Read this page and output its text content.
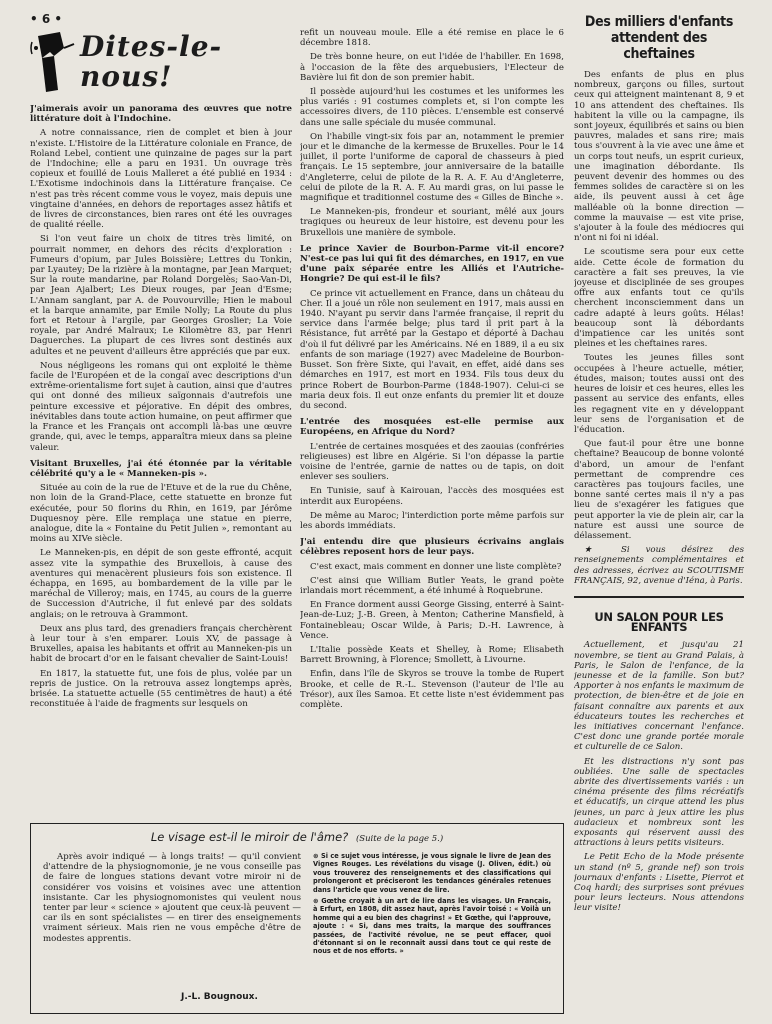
• 6 •
Dites-le-nous!

J'aimerais avoir un panorama des œuvres que notre littérature doit à l'Indochine.

A notre connaissance, rien de complet et bien à jour n'existe. L'Histoire de la Littérature coloniale en France, de Roland Lebel, contient une quinzaine de pages sur la part de l'Indochine; elle a paru en 1931. Un ouvrage très copieux et fouillé de Louis Malleret a été publié en 1934 : L'Exotisme indochinois dans la Littérature française. Ce n'est pas très récent comme vous le voyez, mais depuis une vingtaine d'années, en dehors de reportages assez hâtifs et de livres de circonstances, bien rares ont été les ouvrages de qualité réelle.

Si l'on veut faire un choix de titres très limité, on pourrait nommer, en dehors des récits d'exploration : Fumeurs d'opium, par Jules Boissière; Lettres du Tonkin, par Lyautey; De la rizière à la montagne, par Jean Marquet; Sur la route mandarine, par Roland Dorgelès; Sao-Van-Di, par Jean Ajalbert; Les Dieux rouges, par Jean d'Esme; L'Annam sanglant, par A. de Pouvourville; Hien le maboul et la barque annamite, par Emile Nolly; La Route du plus fort et Retour à l'argile, par Georges Groslier; La Voie royale, par André Malraux; Le Kilomètre 83, par Henri Daguerches. La plupart de ces livres sont destinés aux adultes et ne peuvent d'ailleurs être appréciés que par eux.

Nous négligeons les romans qui ont exploité le thème facile de l'Européen et de la congaï avec descriptions d'un extrême-orientalisme fort sujet à caution, ainsi que d'autres qui ont donné des milieux saïgonnais d'autrefois une peinture excessive et péjorative. En dépit des ombres, inévitables dans toute action humaine, on peut affirmer que la France et les Français ont accompli là-bas une œuvre grande, qui, avec le temps, apparaîtra mieux dans sa pleine valeur.

Visitant Bruxelles, j'ai été étonnée par la véritable célébrité qu'y a le « Manneken-pis ».

Située au coin de la rue de l'Etuve et de la rue du Chêne, non loin de la Grand-Place, cette statuette en bronze fut exécutée, pour 50 florins du Rhin, en 1619, par Jérôme Duquesnoy père. Elle remplaça une statue en pierre, analogue, dite la « Fontaine du Petit Julien », remontant au moins au XIVe siècle.

Le Manneken-pis, en dépit de son geste effronté, acquit assez vite la sympathie des Bruxellois, à cause des aventures qui menacèrent plusieurs fois son existence. Il échappa, en 1695, au bombardement de la ville par le maréchal de Villeroy; mais, en 1745, au cours de la guerre de Succession d'Autriche, il fut enlevé par des soldats anglais; on le retrouva à Grammont.

Deux ans plus tard, des grenadiers français cherchèrent à leur tour à s'en emparer. Louis XV, de passage à Bruxelles, apaisa les habitants et offrit au Manneken-pis un habit de brocart d'or en le faisant chevalier de Saint-Louis!

En 1817, la statuette fut, une fois de plus, volée par un repris de justice. On la retrouva assez longtemps après, brisée. La statuette actuelle (55 centimètres de haut) a été reconstituée à l'aide de fragments sur lesquels on

refit un nouveau moule. Elle a été remise en place le 6 décembre 1818.

De très bonne heure, on eut l'idée de l'habiller. En 1698, à l'occasion de la fête des arquebusiers, l'Electeur de Bavière lui fit don de son premier habit.

Il possède aujourd'hui les costumes et les uniformes les plus variés : 91 costumes complets et, si l'on compte les accessoires divers, de 110 pièces. L'ensemble est conservé dans une salle spéciale du musée communal.

On l'habille vingt-six fois par an, notamment le premier jour et le dimanche de la kermesse de Bruxelles. Pour le 14 juillet, il porte l'uniforme de caporal de chasseurs à pied français. Le 15 septembre, jour anniversaire de la bataille d'Angleterre, celui de pilote de la R. A. F. Au d'Angleterre, celui de pilote de la R. A. F. Au mardi gras, on lui passe le magnifique et traditionnel costume des « Gilles de Binche ».

Le Manneken-pis, frondeur et souriant, mêlé aux jours tragiques ou heureux de leur histoire, est devenu pour les Bruxellois une manière de symbole.

Le prince Xavier de Bourbon-Parme vit-il encore? N'est-ce pas lui qui fit des démarches, en 1917, en vue d'une paix séparée entre les Alliés et l'Autriche-Hongrie? De qui est-il le fils?

Ce prince vit actuellement en France, dans un château du Cher. Il a joué un rôle non seulement en 1917, mais aussi en 1940. N'ayant pu servir dans l'armée française, il reprit du service dans l'armée belge; plus tard il prit part à la Résistance, fut arrêté par la Gestapo et déporté à Dachau d'où il fut délivré par les Américains. Né en 1889, il a eu six enfants de son mariage (1927) avec Madeleine de Bourbon-Busset. Son frère Sixte, qui l'avait, en effet, aidé dans ses démarches en 1917, est mort en 1934. Fils tous deux du prince Robert de Bourbon-Parme (1848-1907). Celui-ci se maria deux fois. Il eut onze enfants du premier lit et douze du second.

L'entrée des mosquées est-elle permise aux Européens, en Afrique du Nord?

L'entrée de certaines mosquées et des zaouias (confréries religieuses) est libre en Algérie. Si l'on dépasse la partie voisine de l'entrée, garnie de nattes ou de tapis, on doit enlever ses souliers.

En Tunisie, sauf à Kairouan, l'accès des mosquées est interdit aux Européens.

De même au Maroc; l'interdiction porte même parfois sur les abords immédiats.

J'ai entendu dire que plusieurs écrivains anglais célèbres reposent hors de leur pays.

C'est exact, mais comment en donner une liste complète?

C'est ainsi que William Butler Yeats, le grand poète irlandais mort récemment, a été inhumé à Roquebrune.

En France dorment aussi George Gissing, enterré à Saint-Jean-de-Luz; J.-B. Green, à Menton; Catherine Mansfield, à Fontainebleau; Oscar Wilde, à Paris; D.-H. Lawrence, à Vence.

L'Italie possède Keats et Shelley, à Rome; Elisabeth Barrett Browning, à Florence; Smollett, à Livourne.

Enfin, dans l'île de Skyros se trouve la tombe de Rupert Brooke, et celle de R.-L. Stevenson (l'auteur de l'Ile au Trésor), aux îles Samoa. Et cette liste n'est évidemment pas complète.

Des milliers d'enfants attendent des cheftaines

Des enfants de plus en plus nombreux, garçons ou filles, surtout ceux qui atteignent maintenant 8, 9 et 10 ans attendent des cheftaines. Ils habitent la ville ou la campagne, ils sont joyeux, équilibrés et sains ou bien pauvres, malades et sans rire; mais tous s'ouvrent à la vie avec une âme et un corps tout neufs, un esprit curieux, une imagination débordante. Ils peuvent devenir des hommes ou des femmes solides de caractère si on les aide, ils peuvent aussi à cet âge malléable où la bonne direction — comme la mauvaise — est vite prise, s'ajouter à la foule des médiocres qui n'ont ni foi ni idéal.

Le scoutisme sera pour eux cette aide. Cette école de formation du caractère a fait ses preuves, la vie joyeuse et disciplinée de ses groupes offre aux enfants tout ce qu'ils cherchent inconsciemment dans un cadre adapté à leurs goûts. Hélas! beaucoup sont là débordants d'impatience car les unités sont pleines et les cheftaines rares.

Toutes les jeunes filles sont occupées à l'heure actuelle, métier, études, maison; toutes aussi ont des heures de loisir et ces heures, elles les passent au service des enfants, elles les regagnent vite en y développant leur sens de l'organisation et de l'éducation.

Que faut-il pour être une bonne cheftaine? Beaucoup de bonne volonté d'abord, un amour de l'enfant permettant de comprendre ces caractères pas toujours faciles, une bonne santé certes mais il n'y a pas lieu de s'exagérer les fatigues que peut apporter la vie de plein air, car la nature est aussi une source de délassement.

★ Si vous désirez des renseignements complémentaires et des adresses, écrivez au SCOUTISME FRANÇAIS, 92, avenue d'Iéna, à Paris.

UN SALON POUR LES ENFANTS

Actuellement, et jusqu'au 21 novembre, se tient au Grand Palais, à Paris, le Salon de l'enfance, de la jeunesse et de la famille. Son but? Apporter à nos enfants le maximum de protection, de bien-être et de joie en faisant connaître aux parents et aux éducateurs toutes les recherches et les initiatives concernant l'enfance. C'est donc une grande portée morale et culturelle de ce Salon.

Et les distractions n'y sont pas oubliées. Une salle de spectacles abrite des divertissements variés : un cinéma présente des films récréatifs et éducatifs, un cirque attend les plus jeunes, un parc à jeux attire les plus audacieux et nombreux sont les exposants qui réservent aussi des attractions à leurs petits visiteurs.

Le Petit Echo de la Mode présente un stand (nº 5, grande nef) son trois journaux d'enfants : Lisette, Pierrot et Coq hardi; des surprises sont prévues pour leurs lecteurs. Nous attendons leur visite!

Le visage est-il le miroir de l'âme? (Suite de la page 5.)

Après avoir indiqué — à longs traits! — qu'il convient d'attendre de la physiognomonie, je ne vous conseille pas de faire de longues stations devant votre miroir ni de considérer vos voisins et voisines avec une attention insistante. Car les physiognomonistes qui veulent nous tenter par leur « science » ajoutent que ceux-là peuvent — car ils en sont spécialistes — en tirer des enseignements vraiment sérieux. Mais rien ne vous empêche d'être de modestes apprentis.

J.-L. Bougnoux.

⊛ Si ce sujet vous intéresse, je vous signale le livre de Jean des Vignes Rouges. Les révélations du visage (J. Oliven, édit.) où vous trouverez des renseignements et des classifications qui prolongeront et préciseront les tendances générales retenues dans l'article que vous venez de lire.

⊛ Gœthe croyait à un art de lire dans les visages. Un Français, à Erfurt, en 1808, dit assez haut, après l'avoir toisé : « Voilà un homme qui a eu bien des chagrins! » Et Gœthe, qui l'approuve, ajoute : « Si, dans mes traits, la marque des souffrances passées, de l'activité révolue, ne se peut effacer, quoi d'étonnant si on le reconnaît aussi dans tout ce qui reste de nous et de nos efforts. »
